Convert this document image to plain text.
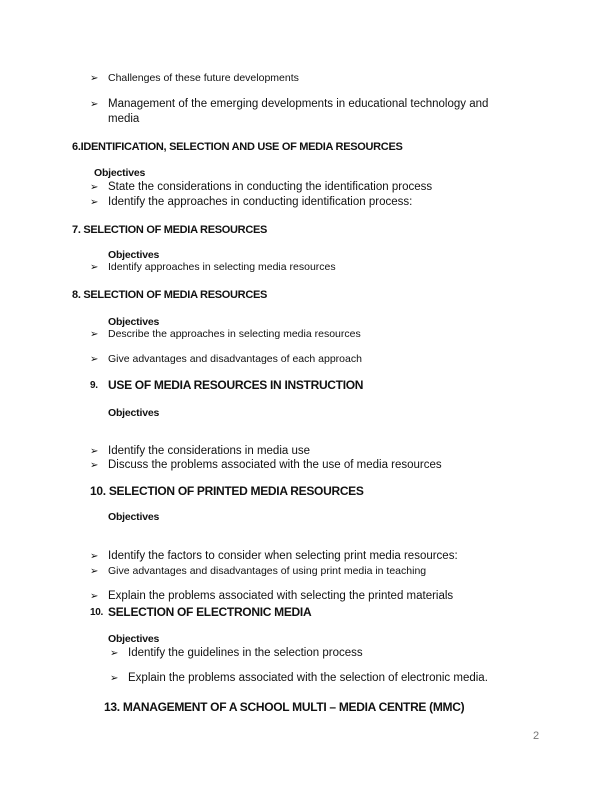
➢ Challenges of these future developments
➢ Management of the emerging developments in educational technology and
media
6.IDENTIFICATION, SELECTION AND USE OF MEDIA RESOURCES
Objectives
➢ State the considerations in conducting the identification process
➢ Identify the approaches in conducting identification process:
7. SELECTION OF MEDIA RESOURCES
Objectives
➢ Identify approaches in selecting media resources
8. SELECTION OF MEDIA RESOURCES
Objectives
➢ Describe the approaches in selecting media resources
➢ Give advantages and disadvantages of each approach
9. USE OF MEDIA RESOURCES IN INSTRUCTION
Objectives
➢ Identify the considerations in media use
➢ Discuss the problems associated with the use of media resources
10. SELECTION OF PRINTED MEDIA RESOURCES
Objectives
➢ Identify the factors to consider when selecting print media resources:
➢ Give advantages and disadvantages of using print media in teaching
➢ Explain the problems associated with selecting the printed materials
10. SELECTION OF ELECTRONIC MEDIA
Objectives
➢ Identify the guidelines in the selection process
➢ Explain the problems associated with the selection of electronic media.
13. MANAGEMENT OF A SCHOOL MULTI – MEDIA CENTRE (MMC)
2
